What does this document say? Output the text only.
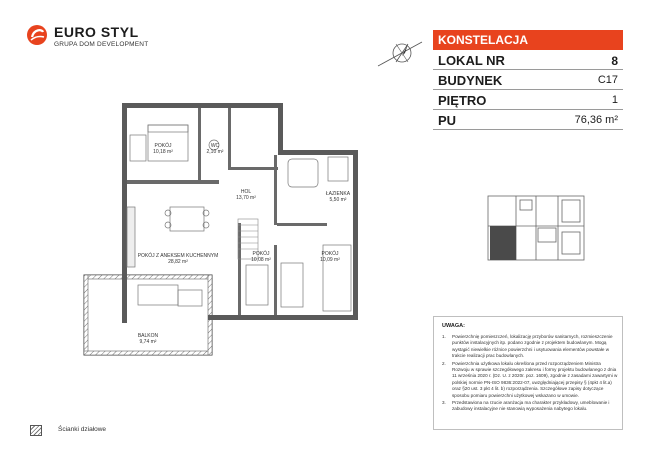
EURO STYL
GRUPA DOM DEVELOPMENT
POKÓJ
10,18 m²
WC
2,10 m²
HOL
13,70 m²
ŁAZIENKA
5,50 m²
POKÓJ Z ANEKSEM KUCHENNYM
28,82 m²
POKÓJ
10,08 m²
POKÓJ
10,09 m²
BALKON
9,74 m²
KONSTELACJA
LOKAL NR	8
BUDYNEK	C17
PIĘTRO	1
PU	76,36 m²
UWAGA:
1. Powierzchnię pomieszczeń, lokalizację przyborów sanitarnych, rozmieszczenie punktów instalacyjnych itp. podano zgodnie z projektem budowlanym. Mogą wystąpić niewielkie różnice powierzchni i usytuowania elementów powstałe w trakcie realizacji prac budowlanych.
2. Powierzchnia użytkowa lokalu określona przed rozporządzeniem Ministra Rozwoju w sprawie szczegółowego zakresu i formy projektu budowlanego z dnia 11 września 2020 r. (Dz. U. z 2020r. poz. 1609), zgodnie z zasadami zawartymi w polskiej normie PN-ISO 9836:2022-07, uwzględniającej przepisy § (4pkt 4 lit.a) oraz §20 ust. 3 pkt 4 lit. b) rozporządzenia. Szczegółowe zapisy dotyczące sposobu pomiaru powierzchni użytkowej wskazano w umowie.
3. Przedstawiona na rzucie aranżacja ma charakter przykładowy, umeblowanie i zabudowy instalacyjne nie stanowią wyposażenia nabytego lokalu.
Ścianki działowe
